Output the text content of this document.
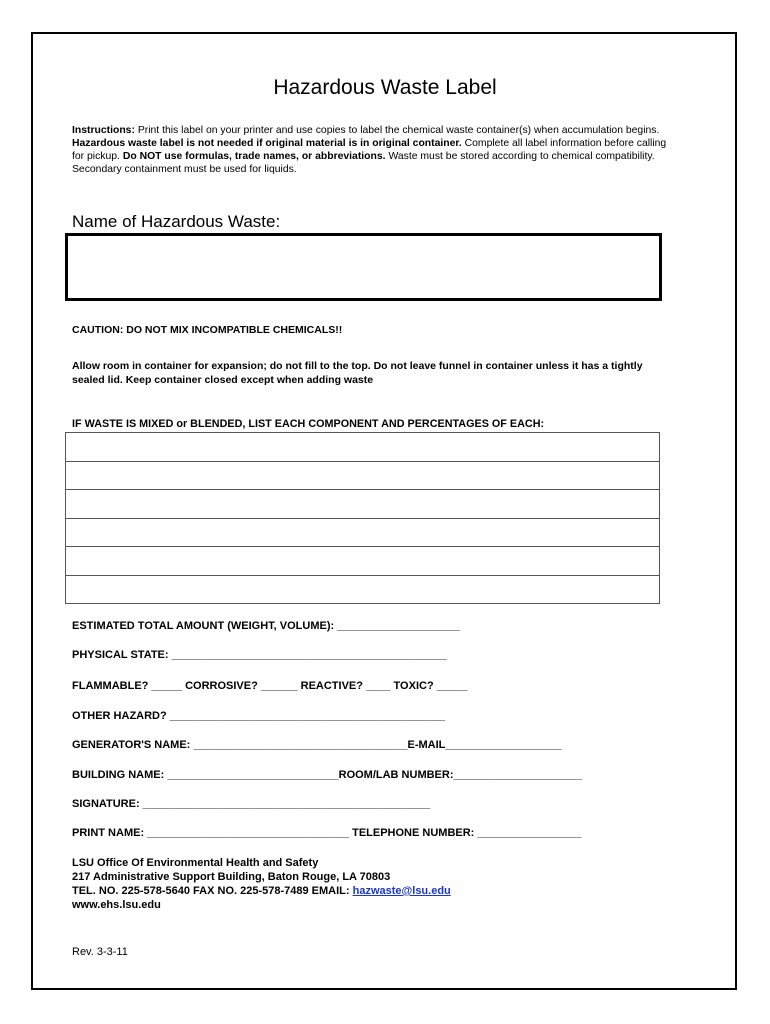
Hazardous Waste Label
Instructions: Print this label on your printer and use copies to label the chemical waste container(s) when accumulation begins. Hazardous waste label is not needed if original material is in original container. Complete all label information before calling for pickup. Do NOT use formulas, trade names, or abbreviations. Waste must be stored according to chemical compatibility. Secondary containment must be used for liquids.
Name of Hazardous Waste:
CAUTION: DO NOT MIX INCOMPATIBLE CHEMICALS!!
Allow room in container for expansion; do not fill to the top. Do not leave funnel in container unless it has a tightly sealed lid. Keep container closed except when adding waste
IF WASTE IS MIXED or BLENDED, LIST EACH COMPONENT AND PERCENTAGES OF EACH:

ESTIMATED TOTAL AMOUNT (WEIGHT, VOLUME): ____________________
PHYSICAL STATE: _____________________________________________
FLAMMABLE? _____ CORROSIVE? ______ REACTIVE? ____ TOXIC? _____
OTHER HAZARD? _____________________________________________
GENERATOR'S NAME: ___________________________________E-MAIL___________________
BUILDING NAME: ____________________________ROOM/LAB NUMBER:_____________________
SIGNATURE: _______________________________________________
PRINT NAME: _________________________________ TELEPHONE NUMBER: _________________
LSU Office Of Environmental Health and Safety
217 Administrative Support Building, Baton Rouge, LA 70803
TEL. NO. 225-578-5640 FAX NO. 225-578-7489 EMAIL: hazwaste@lsu.edu
www.ehs.lsu.edu
Rev. 3-3-11
